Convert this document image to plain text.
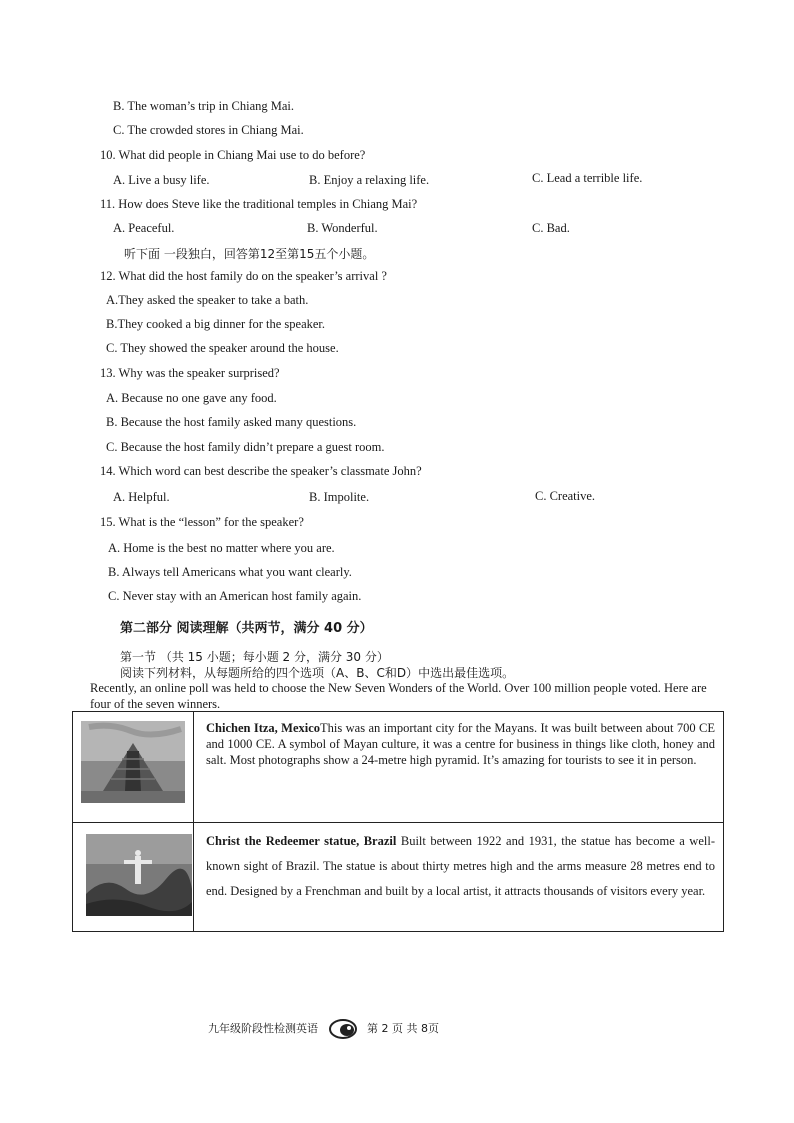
B. The woman’s trip in Chiang Mai.
C. The crowded stores in Chiang Mai.
10. What did people in Chiang Mai use to do before?
A. Live a busy life.	B. Enjoy a relaxing life.	C. Lead a terrible life.
11. How does Steve like the traditional temples in Chiang Mai?
A. Peaceful.	B. Wonderful.	C. Bad.
听下面 一段独白，回答第12至第15五个小题。
12. What did the host family do on the speaker’s arrival ?
A.They asked the speaker to take a bath.
B.They cooked a big dinner for the speaker.
C. They showed the speaker around the house.
13. Why was the speaker surprised?
A. Because no one gave any food.
B. Because the host family asked many questions.
C. Because the host family didn’t prepare a guest room.
14. Which word can best describe the speaker’s classmate John?
A. Helpful.	B. Impolite.	C. Creative.
15. What is the “lesson” for the speaker?
A. Home is the best no matter where you are.
B. Always tell Americans what you want clearly.
C. Never stay with an American host family again.
第二部分 阅读理解（共两节，满分 40 分）
第一节 （共 15 小题；每小题 2 分，满分 30 分）
阅读下列材料，从每题所给的四个选项（A、B、C和D）中选出最佳选项。
Recently, an online poll was held to choose the New Seven Wonders of the World. Over 100 million people voted. Here are four of the seven winners.
	Chichen Itza, MexicoThis was an important city for the Mayans. It was built between about 700 CE and 1000 CE. A symbol of Mayan culture, it was a centre for business in things like cloth, honey and salt. Most photographs show a 24-metre high pyramid. It’s amazing for tourists to see it in person.

	Christ the Redeemer statue, Brazil Built between 1922 and 1931, the statue has become a well-known sight of Brazil. The statue is about thirty metres high and the arms measure 28 metres end to end. Designed by a Frenchman and built by a local artist, it attracts thousands of visitors every year.
九年级阶段性检测英语	第 2 页 共 8页
